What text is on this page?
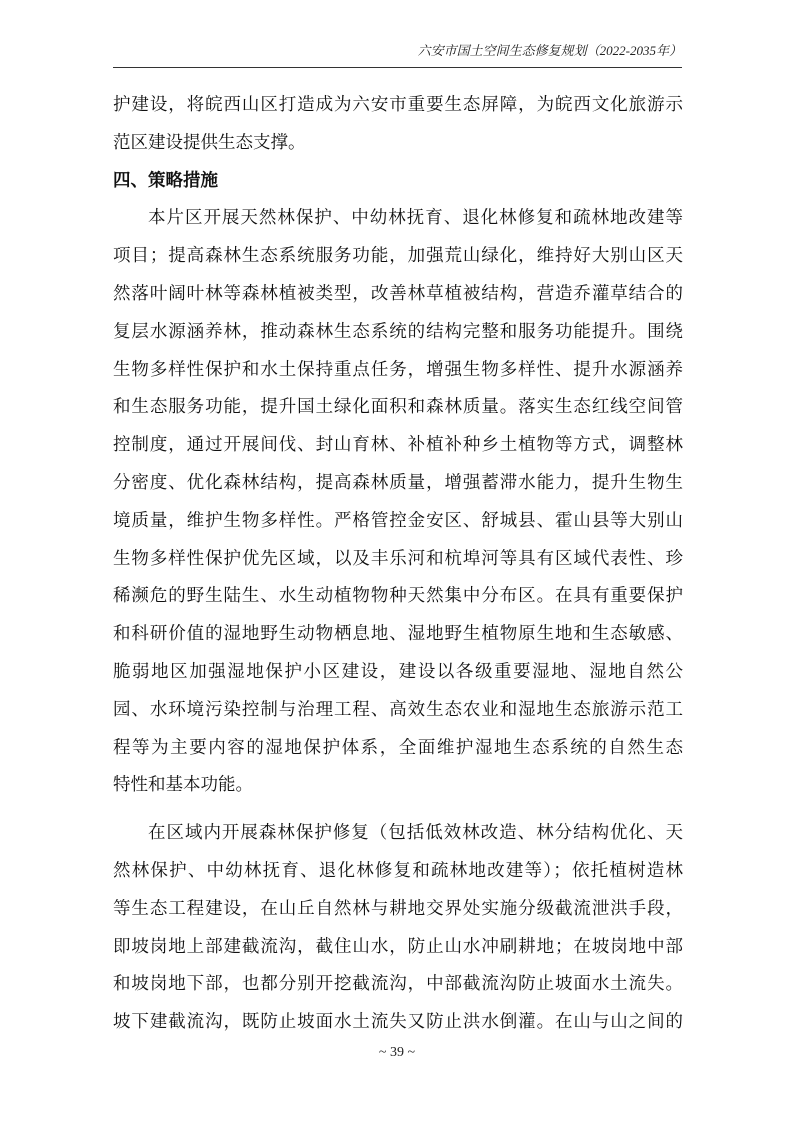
六安市国土空间生态修复规划（2022-2035年）
护建设，将皖西山区打造成为六安市重要生态屏障，为皖西文化旅游示
范区建设提供生态支撑。
四、策略措施
本片区开展天然林保护、中幼林抚育、退化林修复和疏林地改建等
项目；提高森林生态系统服务功能，加强荒山绿化，维持好大别山区天
然落叶阔叶林等森林植被类型，改善林草植被结构，营造乔灌草结合的
复层水源涵养林，推动森林生态系统的结构完整和服务功能提升。围绕
生物多样性保护和水土保持重点任务，增强生物多样性、提升水源涵养
和生态服务功能，提升国土绿化面积和森林质量。落实生态红线空间管
控制度，通过开展间伐、封山育林、补植补种乡土植物等方式，调整林
分密度、优化森林结构，提高森林质量，增强蓄滞水能力，提升生物生
境质量，维护生物多样性。严格管控金安区、舒城县、霍山县等大别山
生物多样性保护优先区域，以及丰乐河和杭埠河等具有区域代表性、珍
稀濒危的野生陆生、水生动植物物种天然集中分布区。在具有重要保护
和科研价值的湿地野生动物栖息地、湿地野生植物原生地和生态敏感、
脆弱地区加强湿地保护小区建设，建设以各级重要湿地、湿地自然公
园、水环境污染控制与治理工程、高效生态农业和湿地生态旅游示范工
程等为主要内容的湿地保护体系，全面维护湿地生态系统的自然生态
特性和基本功能。
在区域内开展森林保护修复（包括低效林改造、林分结构优化、天
然林保护、中幼林抚育、退化林修复和疏林地改建等）；依托植树造林
等生态工程建设，在山丘自然林与耕地交界处实施分级截流泄洪手段，
即坡岗地上部建截流沟，截住山水，防止山水冲刷耕地；在坡岗地中部
和坡岗地下部，也都分别开挖截流沟，中部截流沟防止坡面水土流失。
坡下建截流沟，既防止坡面水土流失又防止洪水倒灌。在山与山之间的
~ 39 ~
